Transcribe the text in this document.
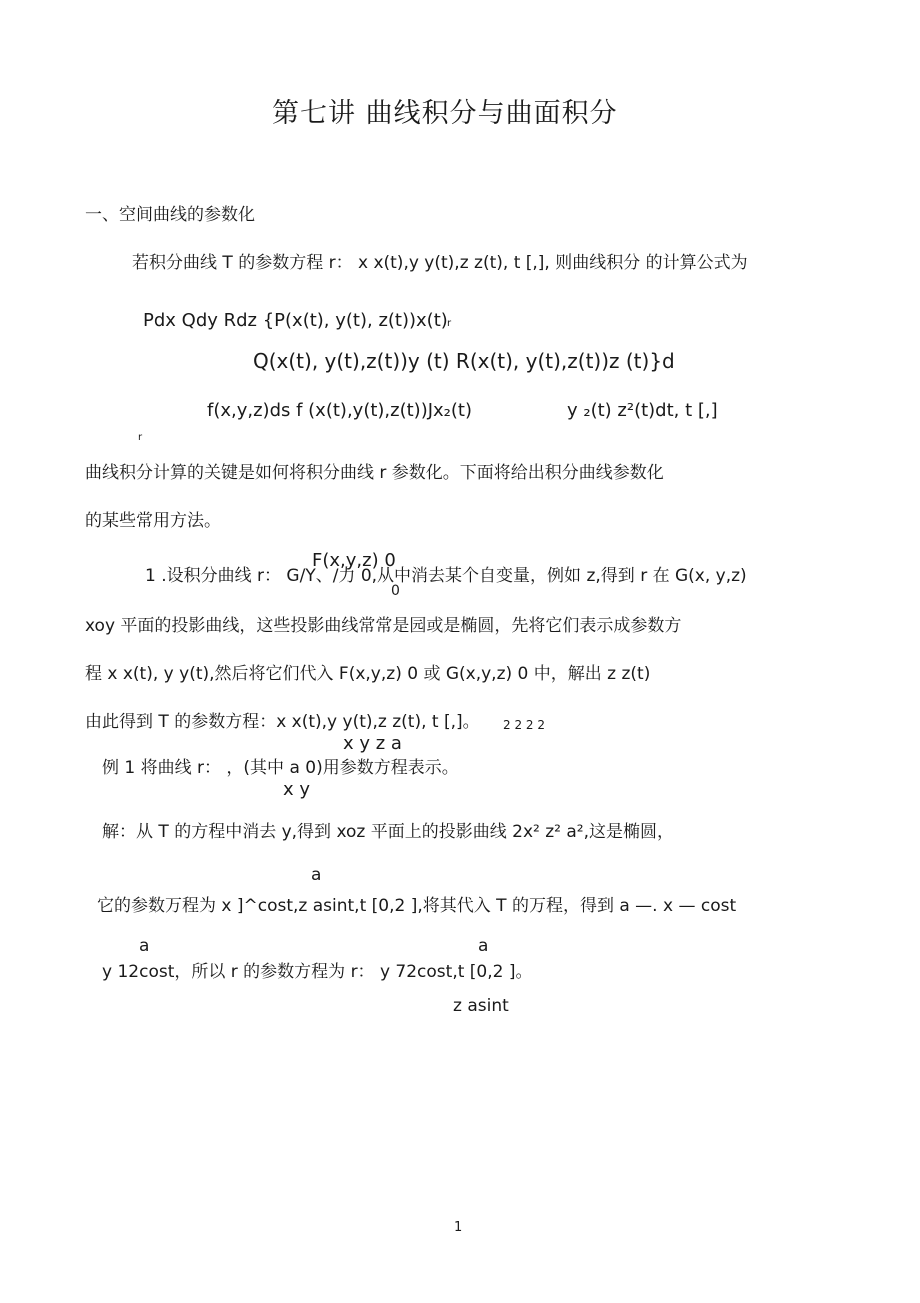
第七讲 曲线积分与曲面积分
一、空间曲线的参数化
若积分曲线 T 的参数方程 r： x x(t),y y(t),z z(t), t [,], 则曲线积分 的计算公式为
Pdx Qdy Rdz {P(x(t), y(t), z(t))x(t) r
Q(x(t), y(t),z(t))y (t) R(x(t), y(t),z(t))z (t)}d
f(x,y,z)ds f (x(t),y(t),z(t))Jx₂(t)	y ₂(t) z²(t)dt, t [,]
r
曲线积分计算的关键是如何将积分曲线 r 参数化。下面将给出积分曲线参数化
的某些常用方法。
F(x,y,z) 0
0
1 .设积分曲线 r： G/Y、/力 0,从中消去某个自变量，例如 z,得到 r 在 G(x, y,z)
xoy 平面的投影曲线，这些投影曲线常常是园或是椭圆，先将它们表示成参数方
程 x x(t), y y(t),然后将它们代入 F(x,y,z) 0 或 G(x,y,z) 0 中，解出 z z(t)
由此得到 T 的参数方程：x x(t),y y(t),z z(t), t [,]。 2 2 2 2
x y z a
例 1 将曲线 r： ，(其中 a 0)用参数方程表示。
x y
解：从 T 的方程中消去 y,得到 xoz 平面上的投影曲线 2x² z² a²,这是椭圆，
a
它的参数万程为 x ]^cost,z asint,t [0,2 ],将其代入 T 的万程，得到 a —. x — cost
a	a
y 12cost，所以 r 的参数方程为 r： y 72cost,t [0,2 ]。
z asint
1
